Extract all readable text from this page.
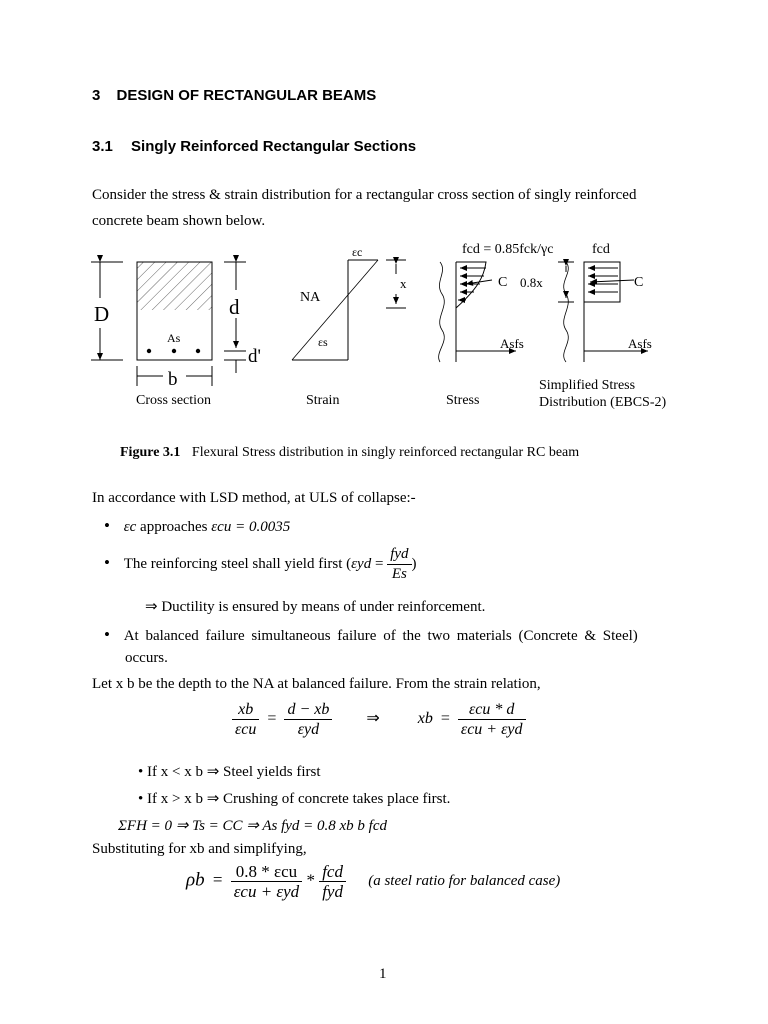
3 DESIGN OF RECTANGULAR BEAMS
3.1 Singly Reinforced Rectangular Sections
Consider the stress & strain distribution for a rectangular cross section of singly reinforced
concrete beam shown below.
D	d
d'
As
b
Cross section
εc
NA
x
εs
Strain
fcd = 0.85fck/γc
C
Asfs
Stress
fcd
0.8x	C
Asfs
Simplified Stress
Distribution (EBCS-2)
Figure 3.1 Flexural Stress distribution in singly reinforced rectangular RC beam
In accordance with LSD method, at ULS of collapse:-
• εc approaches εcu = 0.0035
• The reinforcing steel shall yield first ($\varepsilon yd = \frac{\text{fyd}}{Es}$ )
⇒ Ductility is ensured by means of under reinforcement.
• At balanced failure simultaneous failure of the two materials (Concrete & Steel)
occurs.
Let x b be the depth to the NA at balanced failure. From the strain relation,
$\frac{xb}{\text{εcu}} = \frac{d - xb}{\text{εyd}}$ ⇒ xb = $\frac{\text{εcu * d}}{\text{εcu + εyd}}$
• If x < x b ⇒ Steel yields first
• If x > x b ⇒ Crushing of concrete takes place first.
ΣFH = 0 ⇒ Ts = CC ⇒ As fyd = 0.8 xb b fcd
Substituting for xb and simplifying,
$\rho b = \frac{\text{0.8 * εcu}}{\text{εcu + εyd}} * \frac{\text{fcd}}{\text{fyd}} (a$ steel ratio for balanced case)
1
